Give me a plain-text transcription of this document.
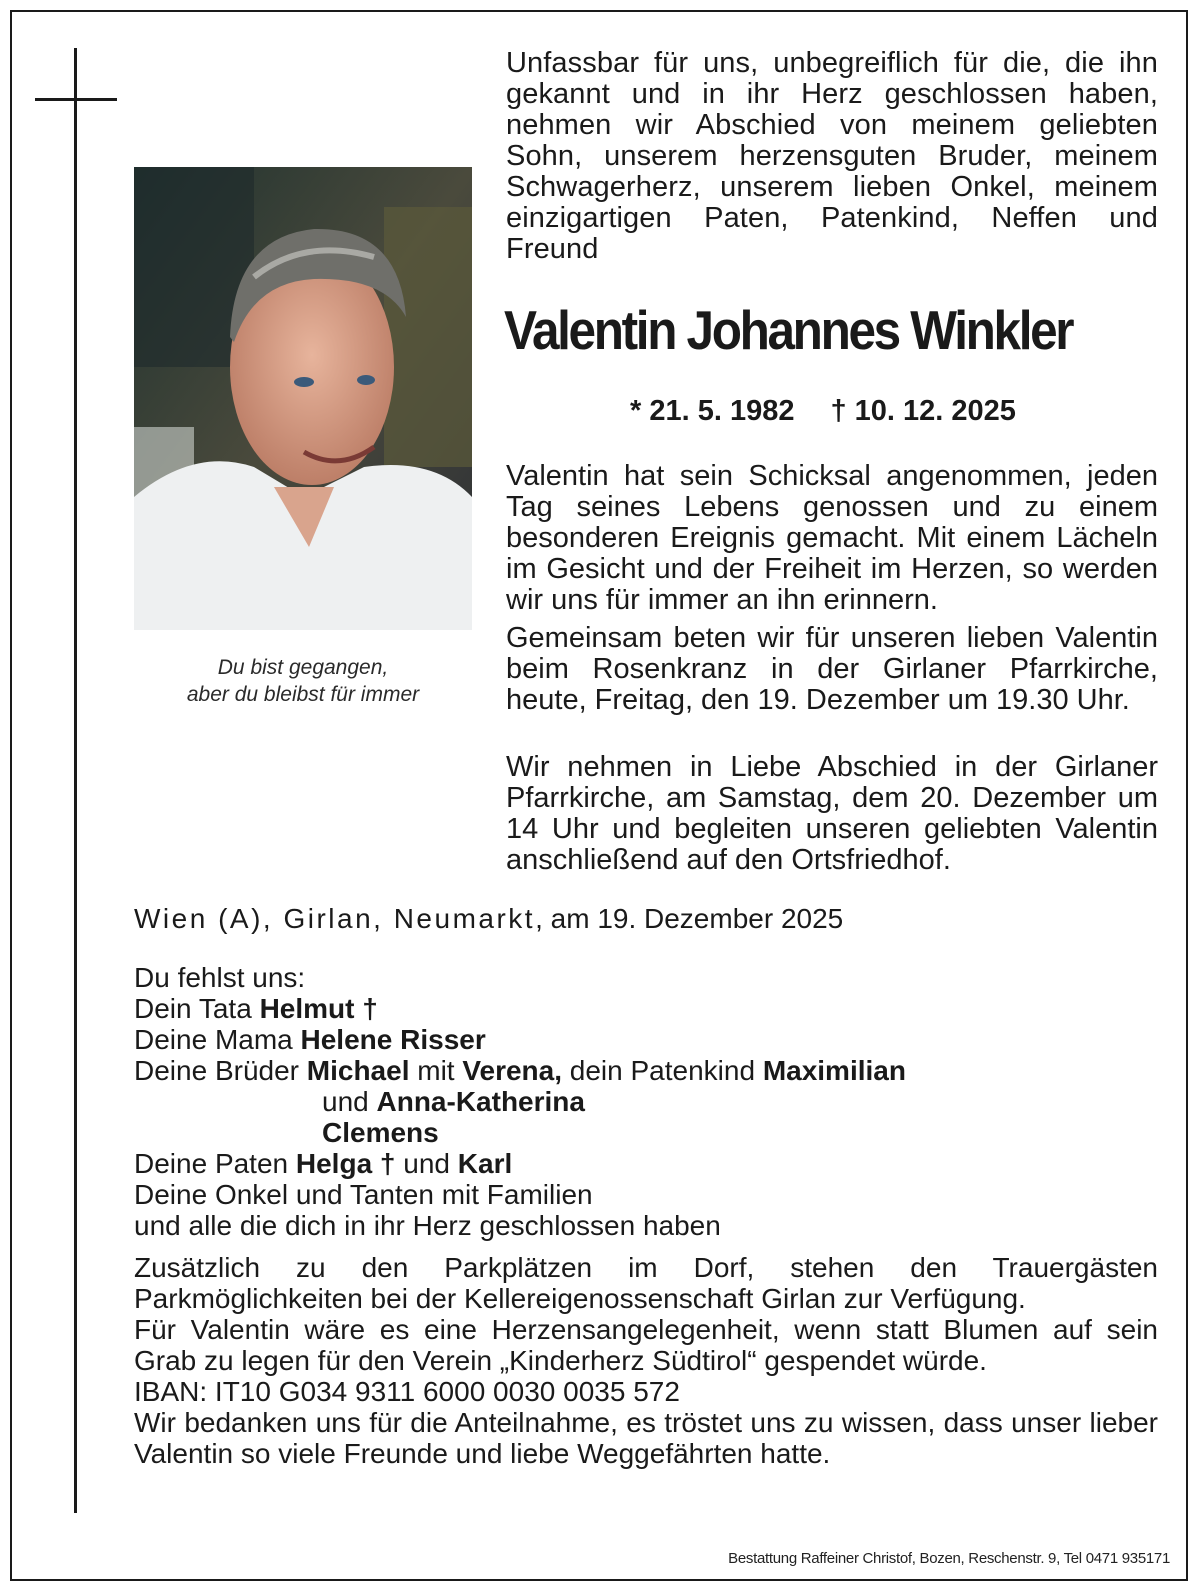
Du bist gegangen,
aber du bleibst für immer
Unfassbar für uns, unbegreiflich für die, die ihn gekannt und in ihr Herz geschlossen haben, nehmen wir Abschied von meinem geliebten Sohn, unserem herzensguten Bruder, meinem Schwagerherz, unserem lieben Onkel, meinem einzigartigen Paten, Patenkind, Neffen und Freund
Valentin Johannes Winkler
* 21. 5. 1982 † 10. 12. 2025
Valentin hat sein Schicksal angenommen, jeden Tag seines Lebens genossen und zu einem besonderen Ereignis gemacht. Mit einem Lächeln im Gesicht und der Freiheit im Herzen, so werden wir uns für immer an ihn erinnern.
Gemeinsam beten wir für unseren lieben Valentin beim Rosenkranz in der Girlaner Pfarrkirche, heute, Freitag, den 19. Dezember um 19.30 Uhr.
Wir nehmen in Liebe Abschied in der Girlaner Pfarrkirche, am Samstag, dem 20. Dezember um 14 Uhr und begleiten unseren geliebten Valentin anschließend auf den Ortsfriedhof.
Wien (A), Girlan, Neumarkt, am 19. Dezember 2025
Du fehlst uns:
Dein Tata Helmut †
Deine Mama Helene Risser
Deine Brüder Michael mit Verena, dein Patenkind Maximilian
und Anna-Katherina
Clemens
Deine Paten Helga † und Karl
Deine Onkel und Tanten mit Familien
und alle die dich in ihr Herz geschlossen haben
Zusätzlich zu den Parkplätzen im Dorf, stehen den Trauergästen Parkmöglichkeiten bei der Kellereigenossenschaft Girlan zur Verfügung.
Für Valentin wäre es eine Herzensangelegenheit, wenn statt Blumen auf sein Grab zu legen für den Verein „Kinderherz Südtirol“ gespendet würde.
IBAN: IT10 G034 9311 6000 0030 0035 572
Wir bedanken uns für die Anteilnahme, es tröstet uns zu wissen, dass unser lieber Valentin so viele Freunde und liebe Weggefährten hatte.
Bestattung Raffeiner Christof, Bozen, Reschenstr. 9, Tel 0471 935171
